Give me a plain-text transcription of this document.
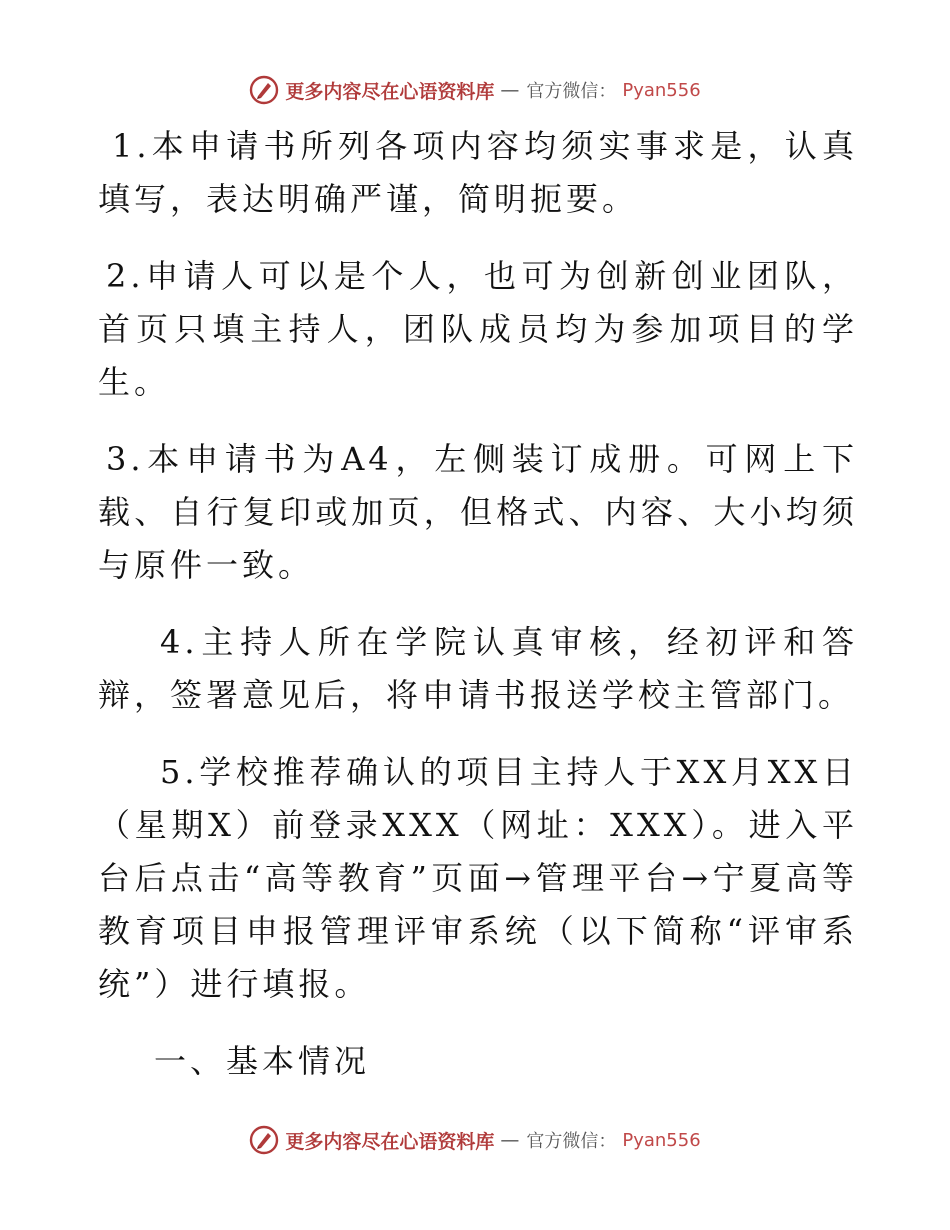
更多内容尽在心语资料库 — 官方微信： Pyan556

1.本申请书所列各项内容均须实事求是，认真填写，表达明确严谨，简明扼要。

2.申请人可以是个人，也可为创新创业团队，首页只填主持人，团队成员均为参加项目的学生。

3.本申请书为A4，左侧装订成册。可网上下载、自行复印或加页，但格式、内容、大小均须与原件一致。

4.主持人所在学院认真审核，经初评和答辩，签署意见后，将申请书报送学校主管部门。

5.学校推荐确认的项目主持人于XX月XX日（星期X）前登录XXX（网址：XXX）。进入平台后点击“高等教育”页面→管理平台→宁夏高等教育项目申报管理评审系统（以下简称“评审系统”）进行填报。

一、基本情况

更多内容尽在心语资料库 — 官方微信： Pyan556
